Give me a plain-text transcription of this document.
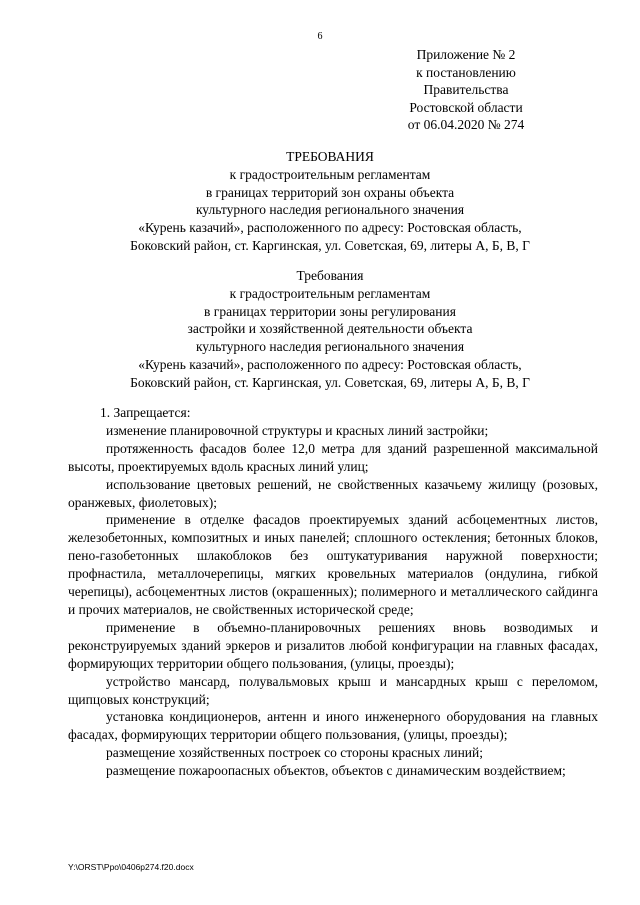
6
Приложение № 2
к постановлению
Правительства
Ростовской области
от 06.04.2020 № 274
ТРЕБОВАНИЯ
к градостроительным регламентам
в границах территорий зон охраны объекта
культурного наследия регионального значения
«Курень казачий», расположенного по адресу: Ростовская область,
Боковский район, ст. Каргинская, ул. Советская, 69, литеры А, Б, В, Г
Требования
к градостроительным регламентам
в границах территории зоны регулирования
застройки и хозяйственной деятельности объекта
культурного наследия регионального значения
«Курень казачий», расположенного по адресу: Ростовская область,
Боковский район, ст. Каргинская, ул. Советская, 69, литеры А, Б, В, Г

1. Запрещается:

изменение планировочной структуры и красных линий застройки;

протяженность фасадов более 12,0 метра для зданий разрешенной максимальной высоты, проектируемых вдоль красных линий улиц;

использование цветовых решений, не свойственных казачьему жилищу (розовых, оранжевых, фиолетовых);

применение в отделке фасадов проектируемых зданий асбоцементных листов, железобетонных, композитных и иных панелей; сплошного остекления; бетонных блоков, пено-газобетонных шлакоблоков без оштукатуривания наружной поверхности; профнастила, металлочерепицы, мягких кровельных материалов (ондулина, гибкой черепицы), асбоцементных листов (окрашенных); полимерного и металлического сайдинга и прочих материалов, не свойственных исторической среде;

применение в объемно-планировочных решениях вновь возводимых и реконструируемых зданий эркеров и ризалитов любой конфигурации на главных фасадах, формирующих территории общего пользования, (улицы, проезды);

устройство мансард, полувальмовых крыш и мансардных крыш с переломом, щипцовых конструкций;

установка кондиционеров, антенн и иного инженерного оборудования на главных фасадах, формирующих территории общего пользования, (улицы, проезды);

размещение хозяйственных построек со стороны красных линий;

размещение пожароопасных объектов, объектов с динамическим воздействием;

Y:\ORST\Ppo\0406p274.f20.docx
